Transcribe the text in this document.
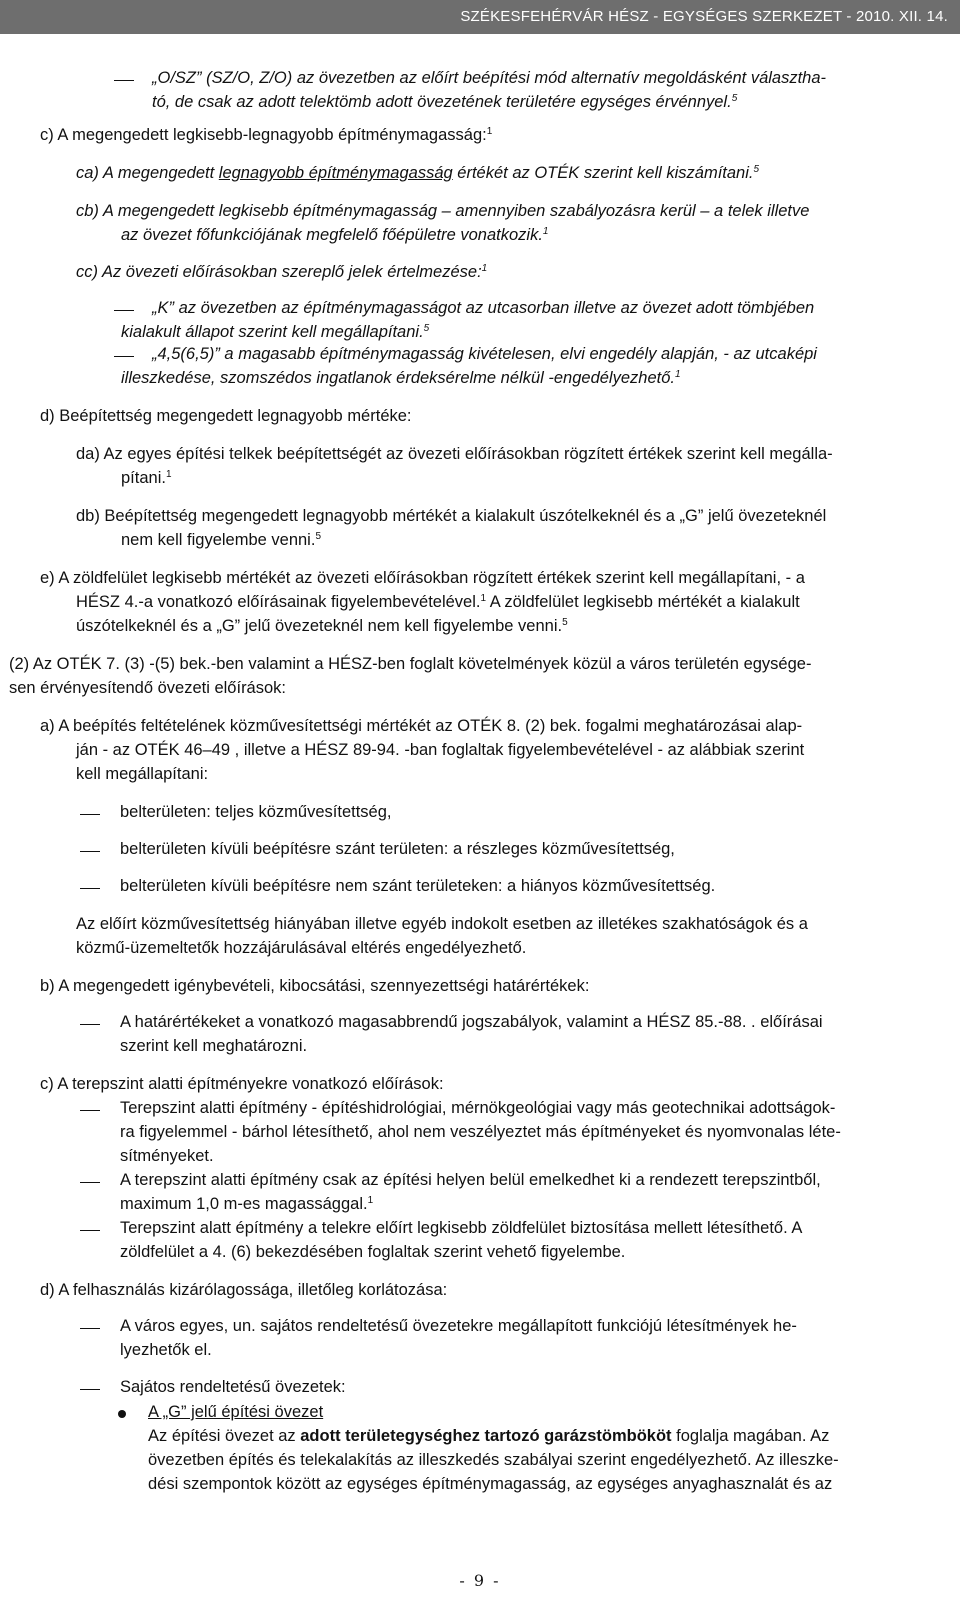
SZÉKESFEHÉRVÁR HÉSZ - EGYSÉGES SZERKEZET - 2010. XII. 14.
„O/SZ” (SZ/O, Z/O) az övezetben az előírt beépítési mód alternatív megoldásként választha-
tó, de csak az adott telektömb adott övezetének területére egységes érvénnyel.$^5$
c) A megengedett legkisebb-legnagyobb építménymagasság:$^1$
ca) A megengedett legnagyobb építménymagasság értékét az OTÉK szerint kell kiszámítani.$^5$
cb) A megengedett legkisebb építménymagasság – amennyiben szabályozásra kerül – a telek illetve
az övezet főfunkciójának megfelelő főépületre vonatkozik.$^1$
cc) Az övezeti előírásokban szereplő jelek értelmezése:$^1$
„K” az övezetben az építménymagasságot az utcasorban illetve az övezet adott tömbjében
kialakult állapot szerint kell megállapítani.$^5$
„4,5(6,5)” a magasabb építménymagasság kivételesen, elvi engedély alapján, - az utcaképi
illeszkedése, szomszédos ingatlanok érdeksérelme nélkül -engedélyezhető.$^1$
d) Beépítettség megengedett legnagyobb mértéke:
da) Az egyes építési telkek beépítettségét az övezeti előírásokban rögzített értékek szerint kell megálla-
pítani.$^1$
db) Beépítettség megengedett legnagyobb mértékét a kialakult úszótelkeknél és a „G” jelű övezeteknél
nem kell figyelembe venni.$^5$
e) A zöldfelület legkisebb mértékét az övezeti előírásokban rögzített értékek szerint kell megállapítani, - a
HÉSZ 4.-a vonatkozó előírásainak figyelembevételével.$^1$ A zöldfelület legkisebb mértékét a kialakult
úszótelkeknél és a „G” jelű övezeteknél nem kell figyelembe venni.$^5$
(2) Az OTÉK 7. (3) -(5) bek.-ben valamint a HÉSZ-ben foglalt követelmények közül a város területén egysége-
sen érvényesítendő övezeti előírások:
a) A beépítés feltételének közművesítettségi mértékét az OTÉK 8. (2) bek. fogalmi meghatározásai alap-
ján - az OTÉK 46–49 , illetve a HÉSZ 89-94. -ban foglaltak figyelembevételével - az alábbiak szerint
kell megállapítani:
belterületen: teljes közművesítettség,
belterületen kívüli beépítésre szánt területen: a részleges közművesítettség,
belterületen kívüli beépítésre nem szánt területeken: a hiányos közművesítettség.
Az előírt közművesítettség hiányában illetve egyéb indokolt esetben az illetékes szakhatóságok és a
közmű-üzemeltetők hozzájárulásával eltérés engedélyezhető.
b) A megengedett igénybevételi, kibocsátási, szennyezettségi határértékek:
A határértékeket a vonatkozó magasabbrendű jogszabályok, valamint a HÉSZ 85.-88. . előírásai
szerint kell meghatározni.
c) A terepszint alatti építményekre vonatkozó előírások:
Terepszint alatti építmény - építéshidrológiai, mérnökgeológiai vagy más geotechnikai adottságok-
ra figyelemmel - bárhol létesíthető, ahol nem veszélyeztet más építményeket és nyomvonalas léte-
sítményeket.
A terepszint alatti építmény csak az építési helyen belül emelkedhet ki a rendezett terepszintből,
maximum 1,0 m-es magassággal.$^1$
Terepszint alatt építmény a telekre előírt legkisebb zöldfelület biztosítása mellett létesíthető. A
zöldfelület a 4. (6) bekezdésében foglaltak szerint vehető figyelembe.
d) A felhasználás kizárólagossága, illetőleg korlátozása:
A város egyes, un. sajátos rendeltetésű övezetekre megállapított funkciójú létesítmények he-
lyezhetők el.
Sajátos rendeltetésű övezetek:
A „G” jelű építési övezet
Az építési övezet az adott területegységhez tartozó garázstömbököt foglalja magában. Az
övezetben építés és telekalakítás az illeszkedés szabályai szerint engedélyezhető. Az illeszke-
dési szempontok között az egységes építménymagasság, az egységes anyaghasznalát és az
- 9 -
